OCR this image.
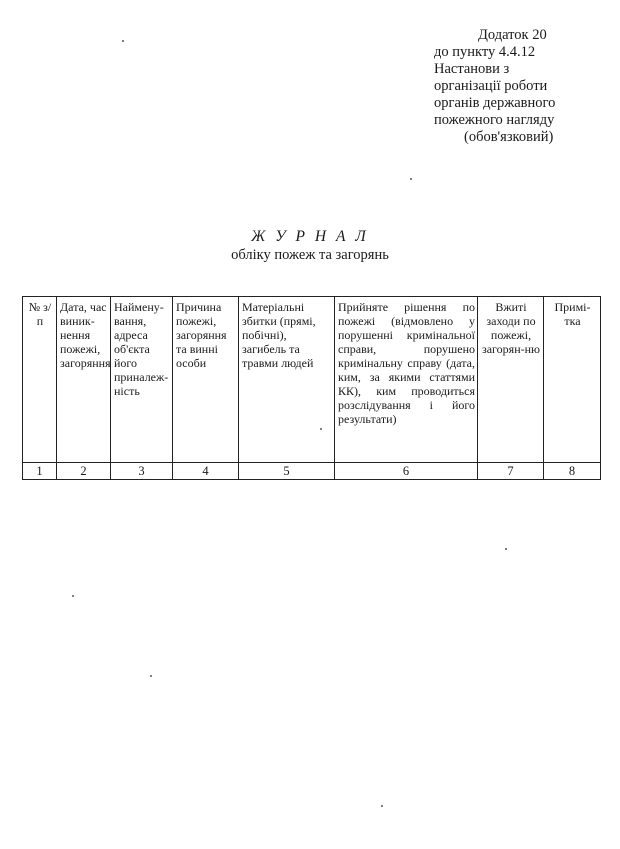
Додаток 20
до пункту 4.4.12
Настанови з
організації роботи
органів державного
пожежного нагляду
(обов'язковий)
Ж У Р Н А Л
обліку пожеж та загорянь
№ з/п	Дата, час виник-нення пожежі, загоряння	Наймену-вання, адреса об'єкта його приналеж-ність	Причина пожежі, загоряння та винні особи	Матеріальні збитки (прямі, побічні), загибель та травми людей	Прийняте рішення по пожежі (відмовлено у порушенні кримінальної справи, порушено кримінальну справу (дата, ким, за якими статтями КК), ким проводиться розслідування і його результати)	Вжиті заходи по пожежі, загорян-ню	Примі-тка
1	2	3	4	5	6	7	8
